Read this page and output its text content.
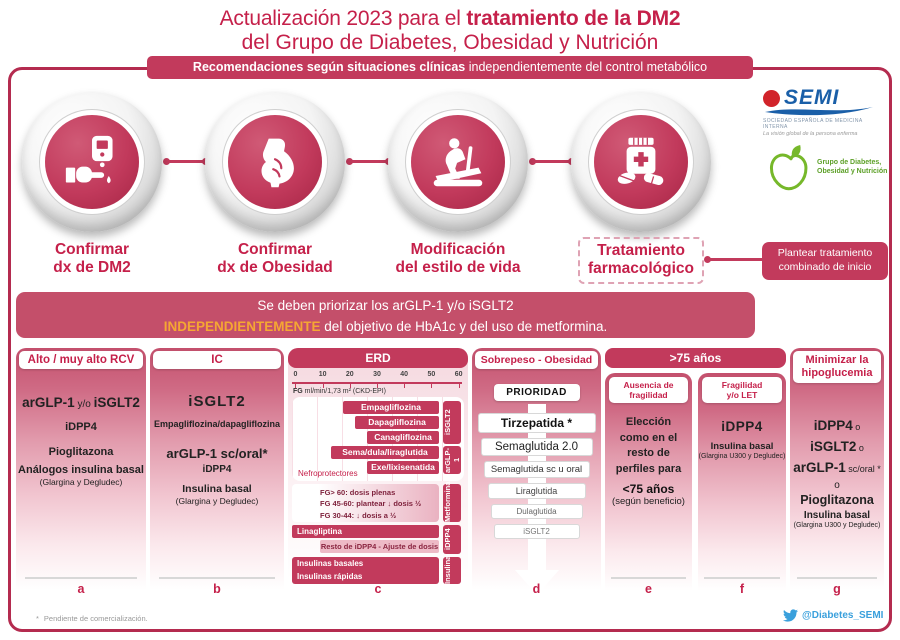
Actualización 2023 para el tratamiento de la DM2
del Grupo de Diabetes, Obesidad y Nutrición
Recomendaciones según situaciones clínicas independientemente del control metabólico
Confirmar
dx de DM2
Confirmar
dx de Obesidad
Modificación
del estilo de vida
Tratamiento
farmacológico
Plantear tratamiento
combinado de inicio
SEMI
SOCIEDAD ESPAÑOLA DE MEDICINA INTERNA
La visión global de la persona enferma
Grupo de Diabetes,
Obesidad y Nutrición
Se deben priorizar los arGLP-1 y/o iSGLT2
INDEPENDIENTEMENTE del objetivo de HbA1c y del uso de metformina.
Alto / muy alto RCV
arGLP-1 y/o iSGLT2
iDPP4
Pioglitazona
Análogos insulina basal
(Glargina y Degludec)
a
IC
iSGLT2
Empagliflozina/dapagliflozina
arGLP-1 sc/oral*
iDPP4
Insulina basal
(Glargina y Degludec)
b
ERD
0	10	20	30	40	50	60
FG ml/min/1,73 m² (CKD-EPI)
Empagliflozina
Dapagliflozina
Canagliflozina
Sema/dula/liraglutida
Exe/lixisenatida
iSGLT2
arGLP-1
Nefroprotectores
FG> 60: dosis plenas
FG 45-60: plantear ↓ dosis ½
FG 30-44: ↓ dosis a ½	Metformina
Linagliptina
Resto de iDPP4 - Ajuste de dosis iDPP4
Insulinas basales
Insulinas rápidas	Insulina
c
Sobrepeso - Obesidad
PRIORIDAD
Tirzepatida *
Semaglutida 2.0
Semaglutida sc u oral
Liraglutida
Dulaglutida
iSGLT2
d
>75 años
Ausencia de
fragilidad
Elección como en el resto de perfiles para
<75 años
(según beneficio)
e
Fragilidad
y/o LET
iDPP4
Insulina basal
(Glargina U300 y Degludec)
f
Minimizar la
hipoglucemia
iDPP4 o
iSGLT2 o
arGLP-1 sc/oral *
o
Pioglitazona
Insulina basal
(Glargina U300 y Degludec)
g
* Pendiente de comercialización.	@Diabetes_SEMI
